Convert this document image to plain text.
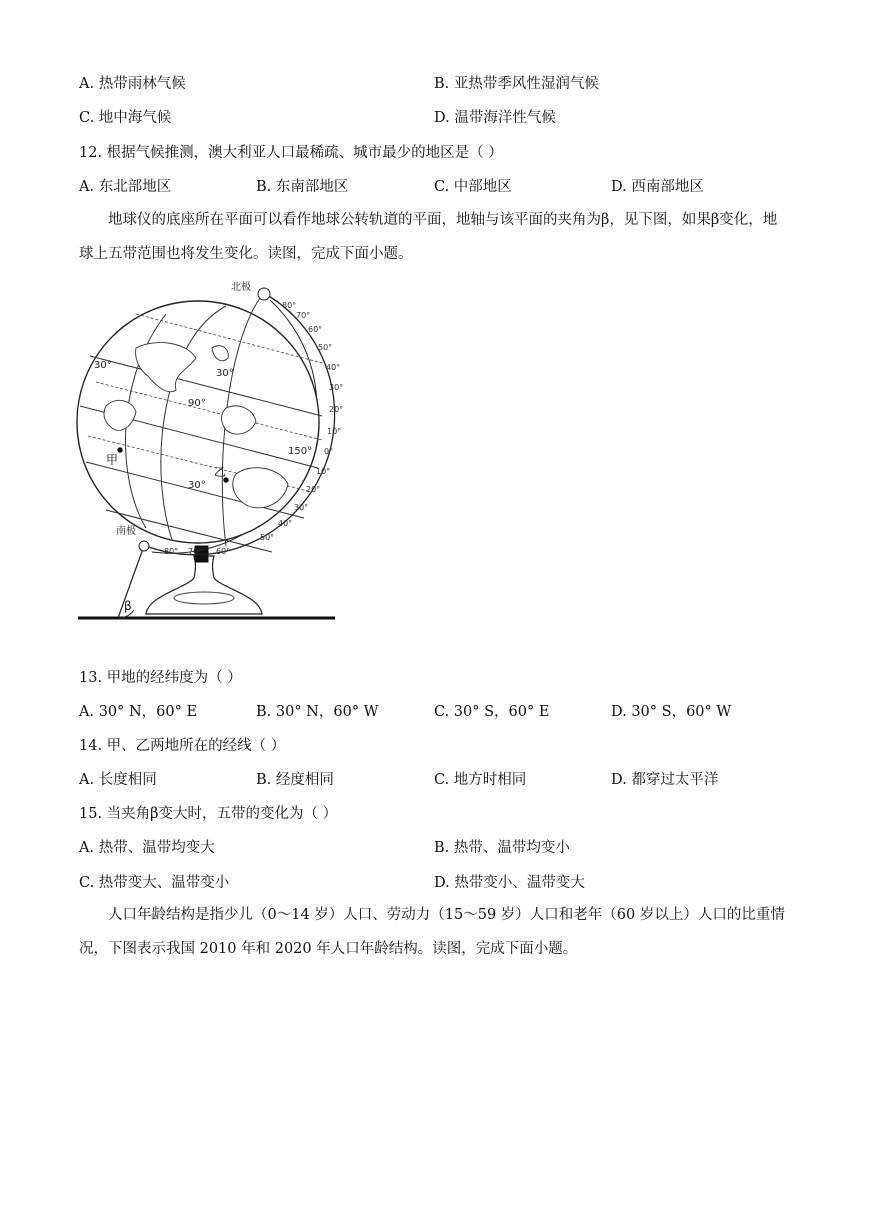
A. 热带雨林气候	B. 亚热带季风性湿润气候
C. 地中海气候	D. 温带海洋性气候
12. 根据气候推测，澳大利亚人口最稀疏、城市最少的地区是（ ）
A. 东北部地区	B. 东南部地区	C. 中部地区	D. 西南部地区
地球仪的底座所在平面可以看作地球公转轨道的平面，地轴与该平面的夹角为β，见下图，如果β变化，地球上五带范围也将发生变化。读图，完成下面小题。
80°
70°
60°
50°
40°
30°
20°
10°
0°
10°
20°
30°
40°
50°
60°
70°
80°
北极
南极
30°
30°
90°
150°
30°
甲
乙
β
13. 甲地的经纬度为（ ）
A. 30° N，60° E	B. 30° N，60° W	C. 30° S，60° E	D. 30° S，60° W
14. 甲、乙两地所在的经线（ ）
A. 长度相同	B. 经度相同	C. 地方时相同	D. 都穿过太平洋
15. 当夹角β变大时，五带的变化为（ ）
A. 热带、温带均变大	B. 热带、温带均变小
C. 热带变大、温带变小	D. 热带变小、温带变大
人口年龄结构是指少儿（0～14 岁）人口、劳动力（15～59 岁）人口和老年（60 岁以上）人口的比重情况，下图表示我国 2010 年和 2020 年人口年龄结构。读图，完成下面小题。
